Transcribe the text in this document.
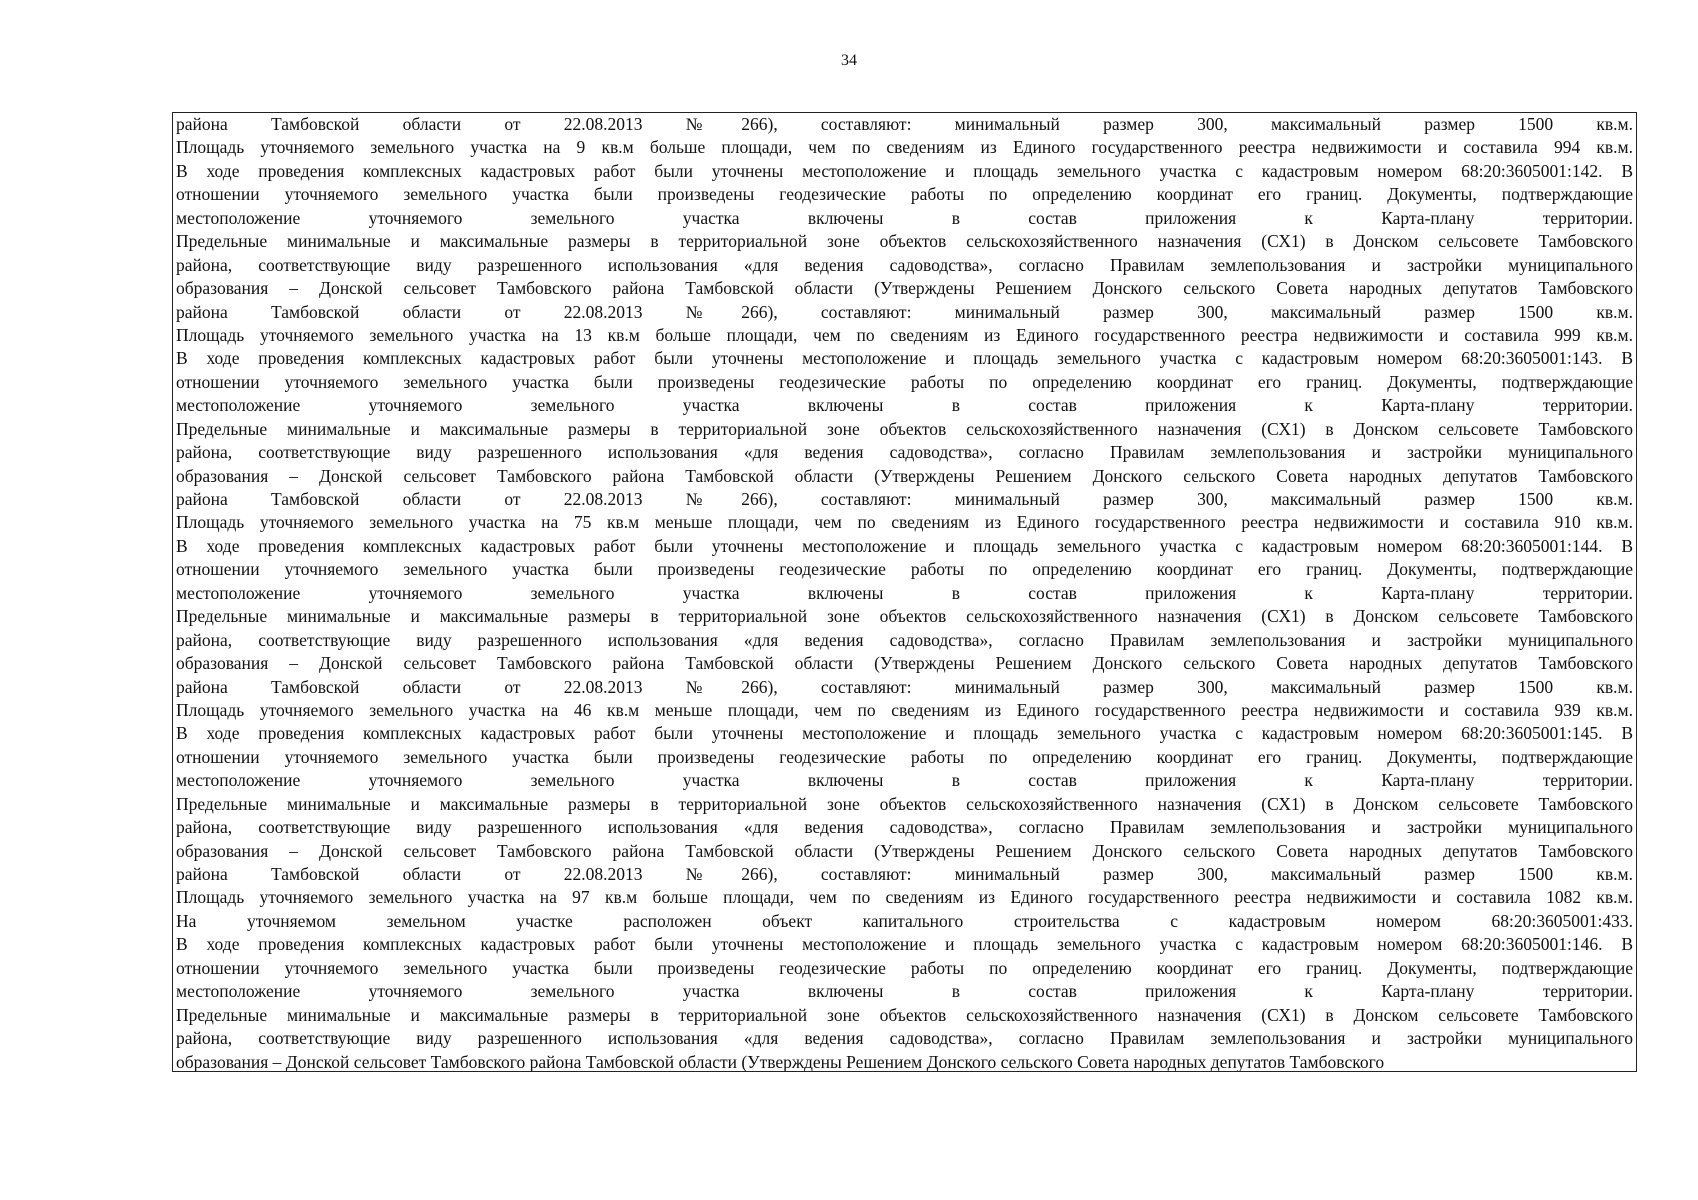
34
района Тамбовской области от 22.08.2013 №266), составляют: минимальный размер 300, максимальный размер 1500 кв.м.
Площадь уточняемого земельного участка на 9 кв.м больше площади, чем по сведениям из Единого государственного реестра недвижимости и составила 994 кв.м.
В ходе проведения комплексных кадастровых работ были уточнены местоположение и площадь земельного участка с кадастровым номером 68:20:3605001:142. В
отношении уточняемого земельного участка были произведены геодезические работы по определению координат его границ. Документы, подтверждающие
местоположение уточняемого земельного участка включены в состав приложения к Карта-плану территории.
Предельные минимальные и максимальные размеры в территориальной зоне объектов сельскохозяйственного назначения (СХ1) в Донском сельсовете Тамбовского
района, соответствующие виду разрешенного использования «для ведения садоводства», согласно Правилам землепользования и застройки муниципального
образования – Донской сельсовет Тамбовского района Тамбовской области (Утверждены Решением Донского сельского Совета народных депутатов Тамбовского
района Тамбовской области от 22.08.2013 №266), составляют: минимальный размер 300, максимальный размер 1500 кв.м.
Площадь уточняемого земельного участка на 13 кв.м больше площади, чем по сведениям из Единого государственного реестра недвижимости и составила 999 кв.м.
В ходе проведения комплексных кадастровых работ были уточнены местоположение и площадь земельного участка с кадастровым номером 68:20:3605001:143. В
отношении уточняемого земельного участка были произведены геодезические работы по определению координат его границ. Документы, подтверждающие
местоположение уточняемого земельного участка включены в состав приложения к Карта-плану территории.
Предельные минимальные и максимальные размеры в территориальной зоне объектов сельскохозяйственного назначения (СХ1) в Донском сельсовете Тамбовского
района, соответствующие виду разрешенного использования «для ведения садоводства», согласно Правилам землепользования и застройки муниципального
образования – Донской сельсовет Тамбовского района Тамбовской области (Утверждены Решением Донского сельского Совета народных депутатов Тамбовского
района Тамбовской области от 22.08.2013 №266), составляют: минимальный размер 300, максимальный размер 1500 кв.м.
Площадь уточняемого земельного участка на 75 кв.м меньше площади, чем по сведениям из Единого государственного реестра недвижимости и составила 910 кв.м.
В ходе проведения комплексных кадастровых работ были уточнены местоположение и площадь земельного участка с кадастровым номером 68:20:3605001:144. В
отношении уточняемого земельного участка были произведены геодезические работы по определению координат его границ. Документы, подтверждающие
местоположение уточняемого земельного участка включены в состав приложения к Карта-плану территории.
Предельные минимальные и максимальные размеры в территориальной зоне объектов сельскохозяйственного назначения (СХ1) в Донском сельсовете Тамбовского
района, соответствующие виду разрешенного использования «для ведения садоводства», согласно Правилам землепользования и застройки муниципального
образования – Донской сельсовет Тамбовского района Тамбовской области (Утверждены Решением Донского сельского Совета народных депутатов Тамбовского
района Тамбовской области от 22.08.2013 №266), составляют: минимальный размер 300, максимальный размер 1500 кв.м.
Площадь уточняемого земельного участка на 46 кв.м меньше площади, чем по сведениям из Единого государственного реестра недвижимости и составила 939 кв.м.
В ходе проведения комплексных кадастровых работ были уточнены местоположение и площадь земельного участка с кадастровым номером 68:20:3605001:145. В
отношении уточняемого земельного участка были произведены геодезические работы по определению координат его границ. Документы, подтверждающие
местоположение уточняемого земельного участка включены в состав приложения к Карта-плану территории.
Предельные минимальные и максимальные размеры в территориальной зоне объектов сельскохозяйственного назначения (СХ1) в Донском сельсовете Тамбовского
района, соответствующие виду разрешенного использования «для ведения садоводства», согласно Правилам землепользования и застройки муниципального
образования – Донской сельсовет Тамбовского района Тамбовской области (Утверждены Решением Донского сельского Совета народных депутатов Тамбовского
района Тамбовской области от 22.08.2013 №266), составляют: минимальный размер 300, максимальный размер 1500 кв.м.
Площадь уточняемого земельного участка на 97 кв.м больше площади, чем по сведениям из Единого государственного реестра недвижимости и составила 1082 кв.м.
На уточняемом земельном участке расположен объект капитального строительства с кадастровым номером 68:20:3605001:433.
В ходе проведения комплексных кадастровых работ были уточнены местоположение и площадь земельного участка с кадастровым номером 68:20:3605001:146. В
отношении уточняемого земельного участка были произведены геодезические работы по определению координат его границ. Документы, подтверждающие
местоположение уточняемого земельного участка включены в состав приложения к Карта-плану территории.
Предельные минимальные и максимальные размеры в территориальной зоне объектов сельскохозяйственного назначения (СХ1) в Донском сельсовете Тамбовского
района, соответствующие виду разрешенного использования «для ведения садоводства», согласно Правилам землепользования и застройки муниципального
образования – Донской сельсовет Тамбовского района Тамбовской области (Утверждены Решением Донского сельского Совета народных депутатов Тамбовского
